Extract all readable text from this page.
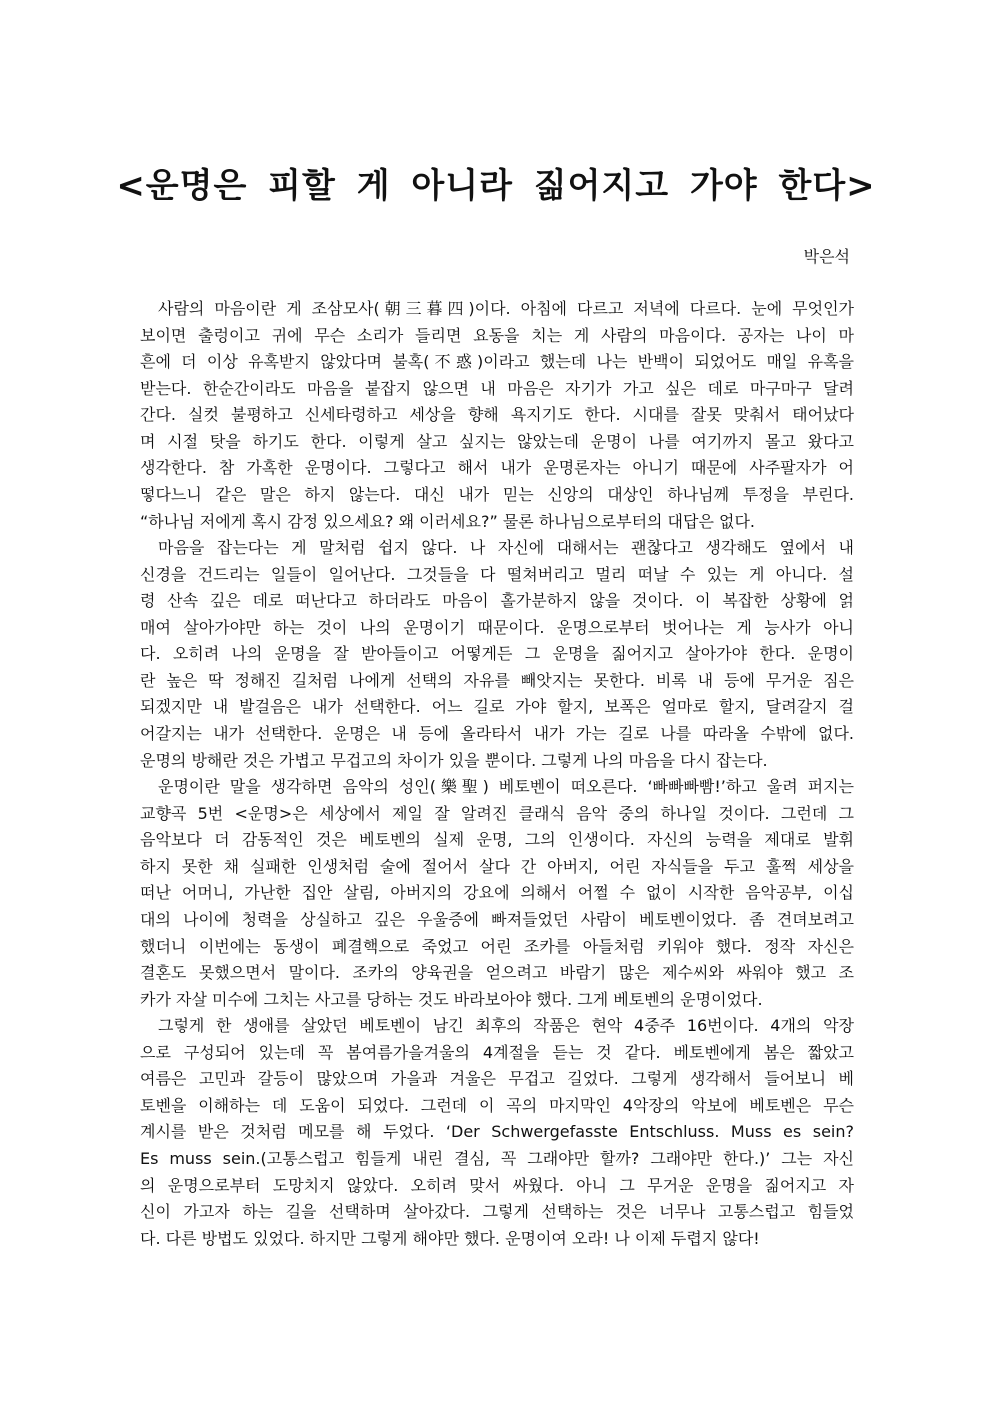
<운명은 피할 게 아니라 짊어지고 가야 한다>
박은석
사람의 마음이란 게 조삼모사(朝三暮四)이다. 아침에 다르고 저녁에 다르다. 눈에 무엇인가
보이면 출렁이고 귀에 무슨 소리가 들리면 요동을 치는 게 사람의 마음이다. 공자는 나이 마
흔에 더 이상 유혹받지 않았다며 불혹(不惑)이라고 했는데 나는 반백이 되었어도 매일 유혹을
받는다. 한순간이라도 마음을 붙잡지 않으면 내 마음은 자기가 가고 싶은 데로 마구마구 달려
간다. 실컷 불평하고 신세타령하고 세상을 향해 욕지기도 한다. 시대를 잘못 맞춰서 태어났다
며 시절 탓을 하기도 한다. 이렇게 살고 싶지는 않았는데 운명이 나를 여기까지 몰고 왔다고
생각한다. 참 가혹한 운명이다. 그렇다고 해서 내가 운명론자는 아니기 때문에 사주팔자가 어
떻다느니 같은 말은 하지 않는다. 대신 내가 믿는 신앙의 대상인 하나님께 투정을 부린다.
“하나님 저에게 혹시 감정 있으세요? 왜 이러세요?” 물론 하나님으로부터의 대답은 없다.
마음을 잡는다는 게 말처럼 쉽지 않다. 나 자신에 대해서는 괜찮다고 생각해도 옆에서 내
신경을 건드리는 일들이 일어난다. 그것들을 다 떨쳐버리고 멀리 떠날 수 있는 게 아니다. 설
령 산속 깊은 데로 떠난다고 하더라도 마음이 홀가분하지 않을 것이다. 이 복잡한 상황에 얽
매여 살아가야만 하는 것이 나의 운명이기 때문이다. 운명으로부터 벗어나는 게 능사가 아니
다. 오히려 나의 운명을 잘 받아들이고 어떻게든 그 운명을 짊어지고 살아가야 한다. 운명이
란 높은 딱 정해진 길처럼 나에게 선택의 자유를 빼앗지는 못한다. 비록 내 등에 무거운 짐은
되겠지만 내 발걸음은 내가 선택한다. 어느 길로 가야 할지, 보폭은 얼마로 할지, 달려갈지 걸
어갈지는 내가 선택한다. 운명은 내 등에 올라타서 내가 가는 길로 나를 따라올 수밖에 없다.
운명의 방해란 것은 가볍고 무겁고의 차이가 있을 뿐이다. 그렇게 나의 마음을 다시 잡는다.
운명이란 말을 생각하면 음악의 성인(樂聖) 베토벤이 떠오른다. ‘빠빠빠빰!’하고 울려 퍼지는
교향곡 5번 <운명>은 세상에서 제일 잘 알려진 클래식 음악 중의 하나일 것이다. 그런데 그
음악보다 더 감동적인 것은 베토벤의 실제 운명, 그의 인생이다. 자신의 능력을 제대로 발휘
하지 못한 채 실패한 인생처럼 술에 절어서 살다 간 아버지, 어린 자식들을 두고 훌쩍 세상을
떠난 어머니, 가난한 집안 살림, 아버지의 강요에 의해서 어쩔 수 없이 시작한 음악공부, 이십
대의 나이에 청력을 상실하고 깊은 우울증에 빠져들었던 사람이 베토벤이었다. 좀 견뎌보려고
했더니 이번에는 동생이 폐결핵으로 죽었고 어린 조카를 아들처럼 키워야 했다. 정작 자신은
결혼도 못했으면서 말이다. 조카의 양육권을 얻으려고 바람기 많은 제수씨와 싸워야 했고 조
카가 자살 미수에 그치는 사고를 당하는 것도 바라보아야 했다. 그게 베토벤의 운명이었다.
그렇게 한 생애를 살았던 베토벤이 남긴 최후의 작품은 현악 4중주 16번이다. 4개의 악장
으로 구성되어 있는데 꼭 봄여름가을겨울의 4계절을 듣는 것 같다. 베토벤에게 봄은 짧았고
여름은 고민과 갈등이 많았으며 가을과 겨울은 무겁고 길었다. 그렇게 생각해서 들어보니 베
토벤을 이해하는 데 도움이 되었다. 그런데 이 곡의 마지막인 4악장의 악보에 베토벤은 무슨
계시를 받은 것처럼 메모를 해 두었다. ‘Der Schwergefasste Entschluss. Muss es sein?
Es muss sein.(고통스럽고 힘들게 내린 결심, 꼭 그래야만 할까? 그래야만 한다.)’ 그는 자신
의 운명으로부터 도망치지 않았다. 오히려 맞서 싸웠다. 아니 그 무거운 운명을 짊어지고 자
신이 가고자 하는 길을 선택하며 살아갔다. 그렇게 선택하는 것은 너무나 고통스럽고 힘들었
다. 다른 방법도 있었다. 하지만 그렇게 해야만 했다. 운명이여 오라! 나 이제 두렵지 않다!
